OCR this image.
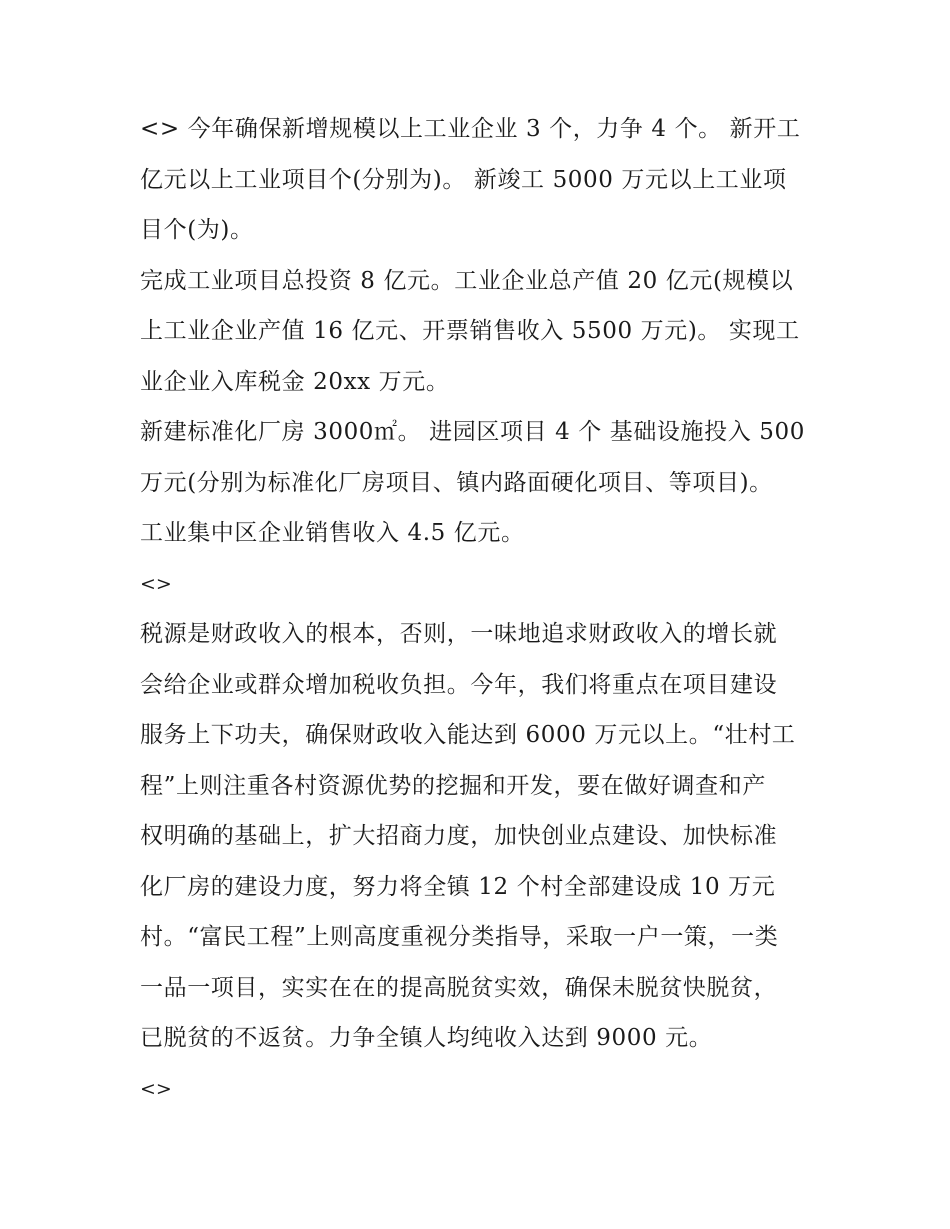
<> 今年确保新增规模以上工业企业 3 个，力争 4 个。 新开工
亿元以上工业项目个(分别为)。 新竣工 5000 万元以上工业项
目个(为)。

完成工业项目总投资 8 亿元。工业企业总产值 20 亿元(规模以
上工业企业产值 16 亿元、开票销售收入 5500 万元)。 实现工
业企业入库税金 20xx 万元。

新建标准化厂房 3000㎡。 进园区项目 4 个 基础设施投入 500
万元(分别为标准化厂房项目、镇内路面硬化项目、等项目)。
工业集中区企业销售收入 4.5 亿元。

<>

税源是财政收入的根本，否则，一味地追求财政收入的增长就
会给企业或群众增加税收负担。今年，我们将重点在项目建设
服务上下功夫，确保财政收入能达到 6000 万元以上。“壮村工
程”上则注重各村资源优势的挖掘和开发，要在做好调查和产
权明确的基础上，扩大招商力度，加快创业点建设、加快标准
化厂房的建设力度，努力将全镇 12 个村全部建设成 10 万元
村。“富民工程”上则高度重视分类指导，采取一户一策，一类
一品一项目，实实在在的提高脱贫实效，确保未脱贫快脱贫，
已脱贫的不返贫。力争全镇人均纯收入达到 9000 元。

<>
